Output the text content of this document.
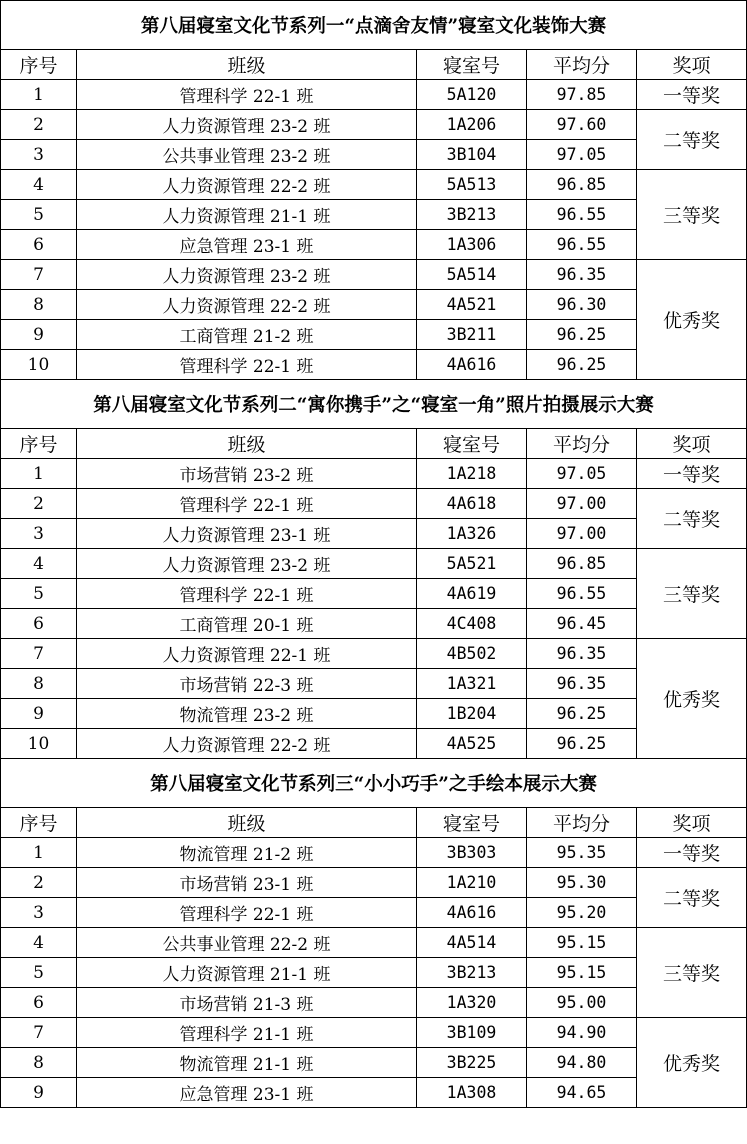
第八届寝室文化节系列一“点滴舍友情”寝室文化装饰大赛				
序号	班级	寝室号	平均分	奖项
1	管理科学 22-1 班	5A120	97.85	一等奖
2	人力资源管理 23-2 班	1A206	97.60	二等奖
3	公共事业管理 23-2 班	3B104	97.05	
4	人力资源管理 22-2 班	5A513	96.85	三等奖
5	人力资源管理 21-1 班	3B213	96.55	
6	应急管理 23-1 班	1A306	96.55	
7	人力资源管理 23-2 班	5A514	96.35	优秀奖
8	人力资源管理 22-2 班	4A521	96.30	
9	工商管理 21-2 班	3B211	96.25	
10	管理科学 22-1 班	4A616	96.25	
第八届寝室文化节系列二“寓你携手”之“寝室一角”照片拍摄展示大赛				
序号	班级	寝室号	平均分	奖项
1	市场营销 23-2 班	1A218	97.05	一等奖
2	管理科学 22-1 班	4A618	97.00	二等奖
3	人力资源管理 23-1 班	1A326	97.00	
4	人力资源管理 23-2 班	5A521	96.85	三等奖
5	管理科学 22-1 班	4A619	96.55	
6	工商管理 20-1 班	4C408	96.45	
7	人力资源管理 22-1 班	4B502	96.35	优秀奖
8	市场营销 22-3 班	1A321	96.35	
9	物流管理 23-2 班	1B204	96.25	
10	人力资源管理 22-2 班	4A525	96.25	
第八届寝室文化节系列三“小小巧手”之手绘本展示大赛				
序号	班级	寝室号	平均分	奖项
1	物流管理 21-2 班	3B303	95.35	一等奖
2	市场营销 23-1 班	1A210	95.30	二等奖
3	管理科学 22-1 班	4A616	95.20	
4	公共事业管理 22-2 班	4A514	95.15	三等奖
5	人力资源管理 21-1 班	3B213	95.15	
6	市场营销 21-3 班	1A320	95.00	
7	管理科学 21-1 班	3B109	94.90	优秀奖
8	物流管理 21-1 班	3B225	94.80	
9	应急管理 23-1 班	1A308	94.65	
